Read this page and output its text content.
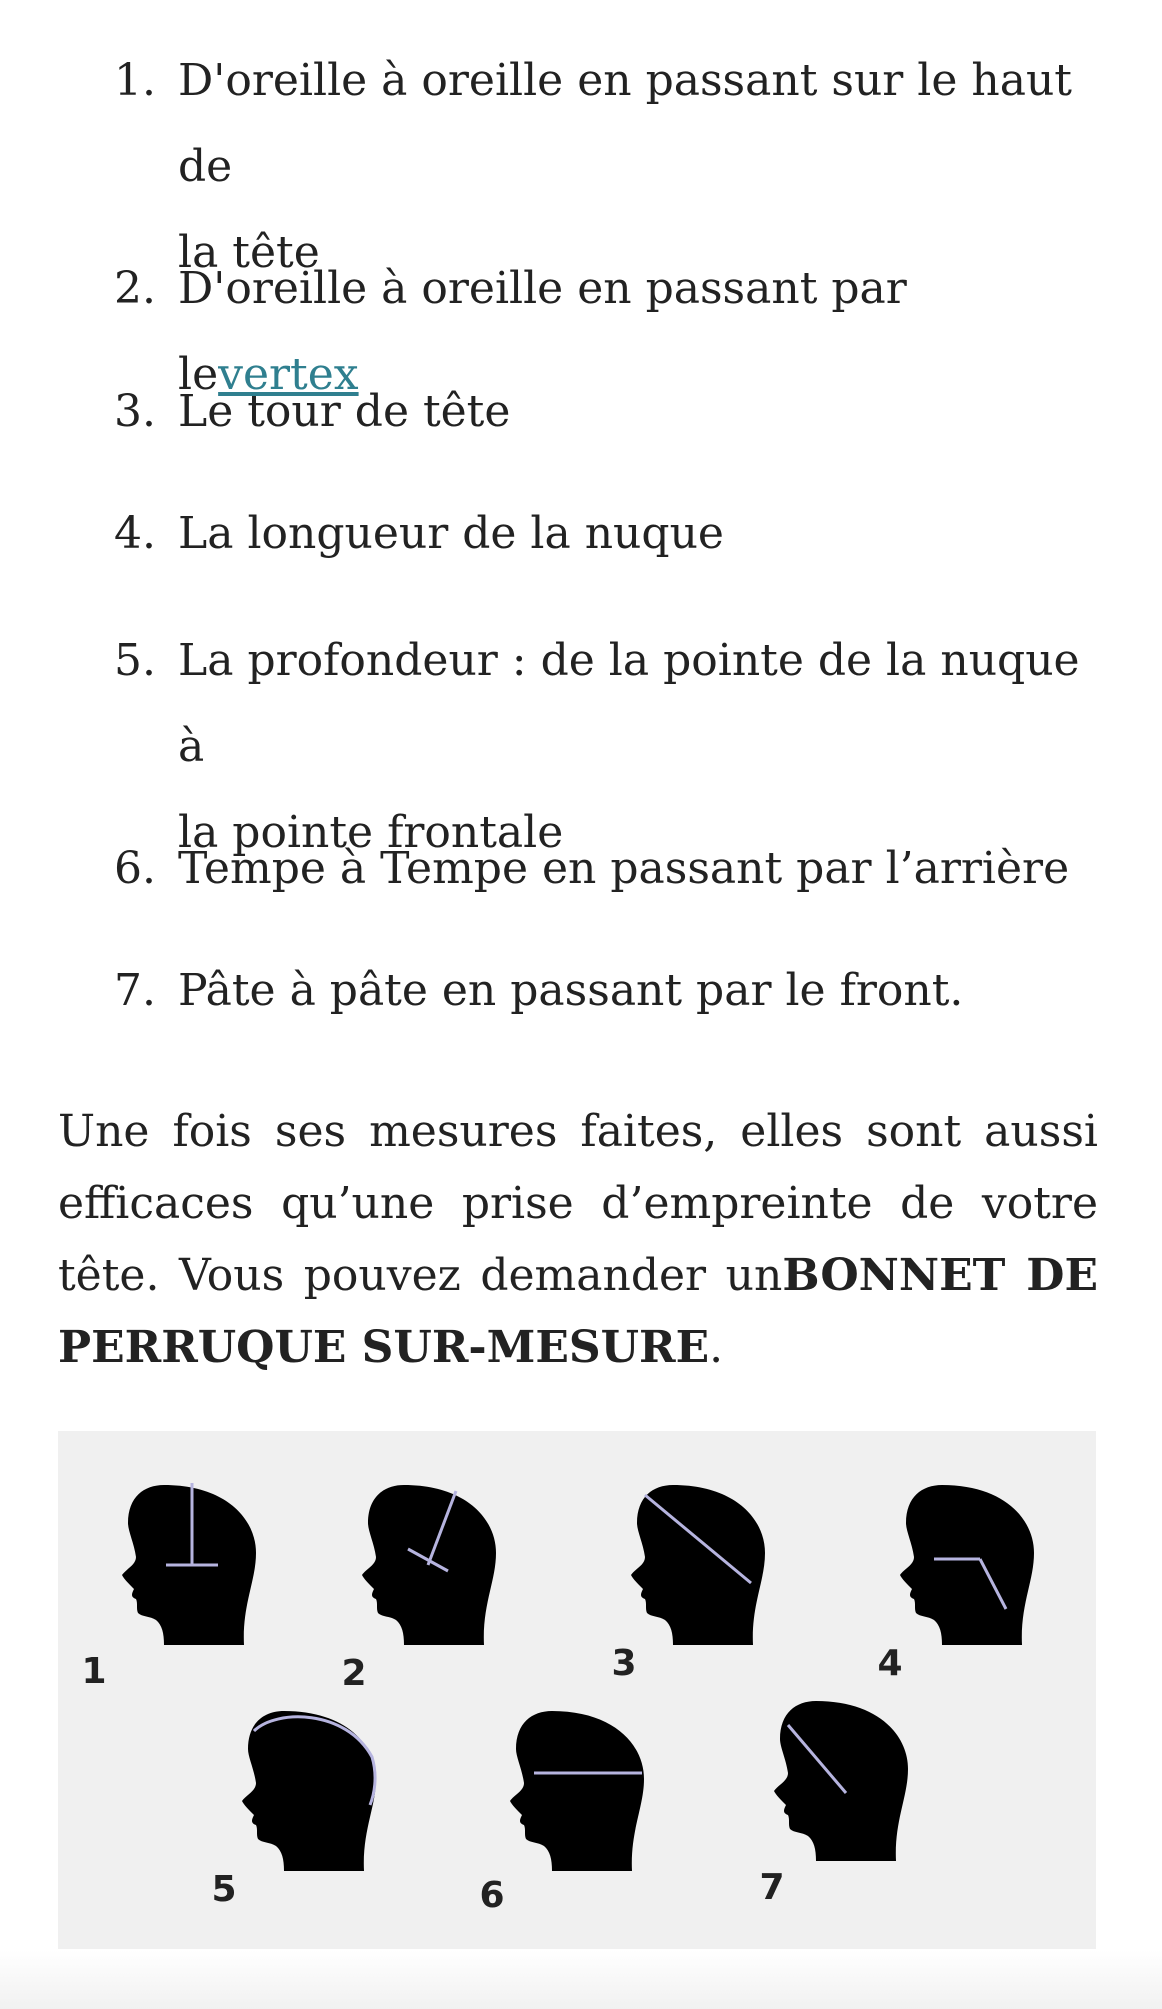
1. D'oreille à oreille en passant sur le haut de
la tête
2. D'oreille à oreille en passant par levertex
3. Le tour de tête
4. La longueur de la nuque
5. La profondeur : de la pointe de la nuque à
la pointe frontale
6. Tempe à Tempe en passant par l’arrière
7. Pâte à pâte en passant par le front.

Une fois ses mesures faites, elles sont aussi efficaces qu’une prise d’empreinte de votre tête. Vous pouvez demander unBONNET DE PERRUQUE SUR-MESURE.

1	2	3	4
5	6	7
